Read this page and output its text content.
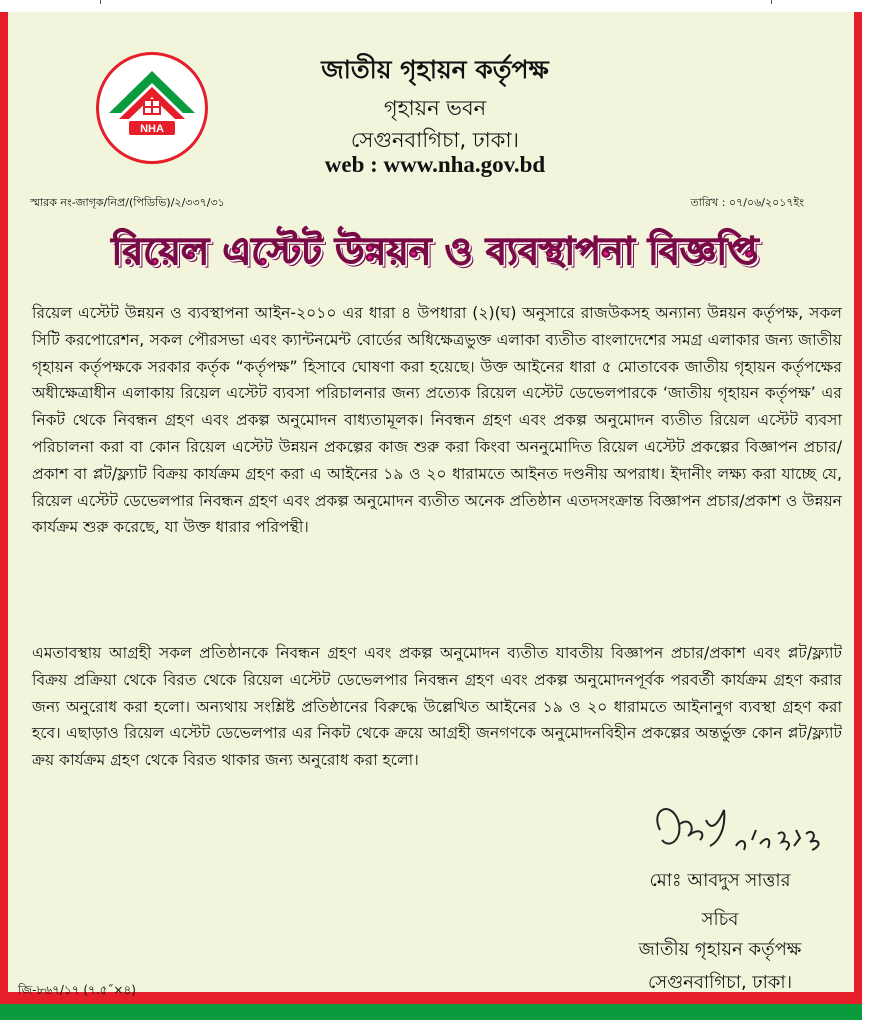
NHA
জাতীয় গৃহায়ন কর্তৃপক্ষ
গৃহায়ন ভবন
সেগুনবাগিচা, ঢাকা।
web : www.nha.gov.bd
স্মারক নং-জাগৃক/নিপ্র/(পিডিভি)/২/৩৩৭/৩১	তারিখ : ০৭/০৬/২০১৭ইং
রিয়েল এস্টেট উন্নয়ন ও ব্যবস্থাপনা বিজ্ঞপ্তি
রিয়েল এস্টেট উন্নয়ন ও ব্যবস্থাপনা আইন-২০১০ এর ধারা ৪ উপধারা (২)(ঘ) অনুসারে রাজউকসহ অন্যান্য উন্নয়ন কর্তৃপক্ষ, সকল সিটি করপোরেশন, সকল পৌরসভা এবং ক্যান্টনমেন্ট বোর্ডের অধিক্ষেত্রভুক্ত এলাকা ব্যতীত বাংলাদেশের সমগ্র এলাকার জন্য জাতীয় গৃহায়ন কর্তৃপক্ষকে সরকার কর্তৃক “কর্তৃপক্ষ” হিসাবে ঘোষণা করা হয়েছে। উক্ত আইনের ধারা ৫ মোতাবেক জাতীয় গৃহায়ন কর্তৃপক্ষের অধীক্ষেত্রাধীন এলাকায় রিয়েল এস্টেট ব্যবসা পরিচালনার জন্য প্রত্যেক রিয়েল এস্টেট ডেভেলপারকে ‘জাতীয় গৃহায়ন কর্তৃপক্ষ’ এর নিকট থেকে নিবন্ধন গ্রহণ এবং প্রকল্প অনুমোদন বাধ্যতামূলক। নিবন্ধন গ্রহণ এবং প্রকল্প অনুমোদন ব্যতীত রিয়েল এস্টেট ব্যবসা পরিচালনা করা বা কোন রিয়েল এস্টেট উন্নয়ন প্রকল্পের কাজ শুরু করা কিংবা অননুমোদিত রিয়েল এস্টেট প্রকল্পের বিজ্ঞাপন প্রচার/প্রকাশ বা প্লট/ফ্ল্যাট বিক্রয় কার্যক্রম গ্রহণ করা এ আইনের ১৯ ও ২০ ধারামতে আইনত দণ্ডনীয় অপরাধ। ইদানীং লক্ষ্য করা যাচ্ছে যে, রিয়েল এস্টেট ডেভেলপার নিবন্ধন গ্রহণ এবং প্রকল্প অনুমোদন ব্যতীত অনেক প্রতিষ্ঠান এতদসংক্রান্ত বিজ্ঞাপন প্রচার/প্রকাশ ও উন্নয়ন কার্যক্রম শুরু করেছে, যা উক্ত ধারার পরিপন্থী।
এমতাবস্থায় আগ্রহী সকল প্রতিষ্ঠানকে নিবন্ধন গ্রহণ এবং প্রকল্প অনুমোদন ব্যতীত যাবতীয় বিজ্ঞাপন প্রচার/প্রকাশ এবং প্লট/ফ্ল্যাট বিক্রয় প্রক্রিয়া থেকে বিরত থেকে রিয়েল এস্টেট ডেভেলপার নিবন্ধন গ্রহণ এবং প্রকল্প অনুমোদনপূর্বক পরবর্তী কার্যক্রম গ্রহণ করার জন্য অনুরোধ করা হলো। অন্যথায় সংশ্লিষ্ট প্রতিষ্ঠানের বিরুদ্ধে উল্লেখিত আইনের ১৯ ও ২০ ধারামতে আইনানুগ ব্যবস্থা গ্রহণ করা হবে। এছাড়াও রিয়েল এস্টেট ডেভেলপার এর নিকট থেকে ক্রয়ে আগ্রহী জনগণকে অনুমোদনবিহীন প্রকল্পের অন্তর্ভুক্ত কোন প্লট/ফ্ল্যাট ক্রয় কার্যক্রম গ্রহণ থেকে বিরত থাকার জন্য অনুরোধ করা হলো।
মোঃ আবদুস সাত্তার
সচিব
জাতীয় গৃহায়ন কর্তৃপক্ষ
সেগুনবাগিচা, ঢাকা।
জি-৮৬৭/১৭ (৭.৫˝×৪)
